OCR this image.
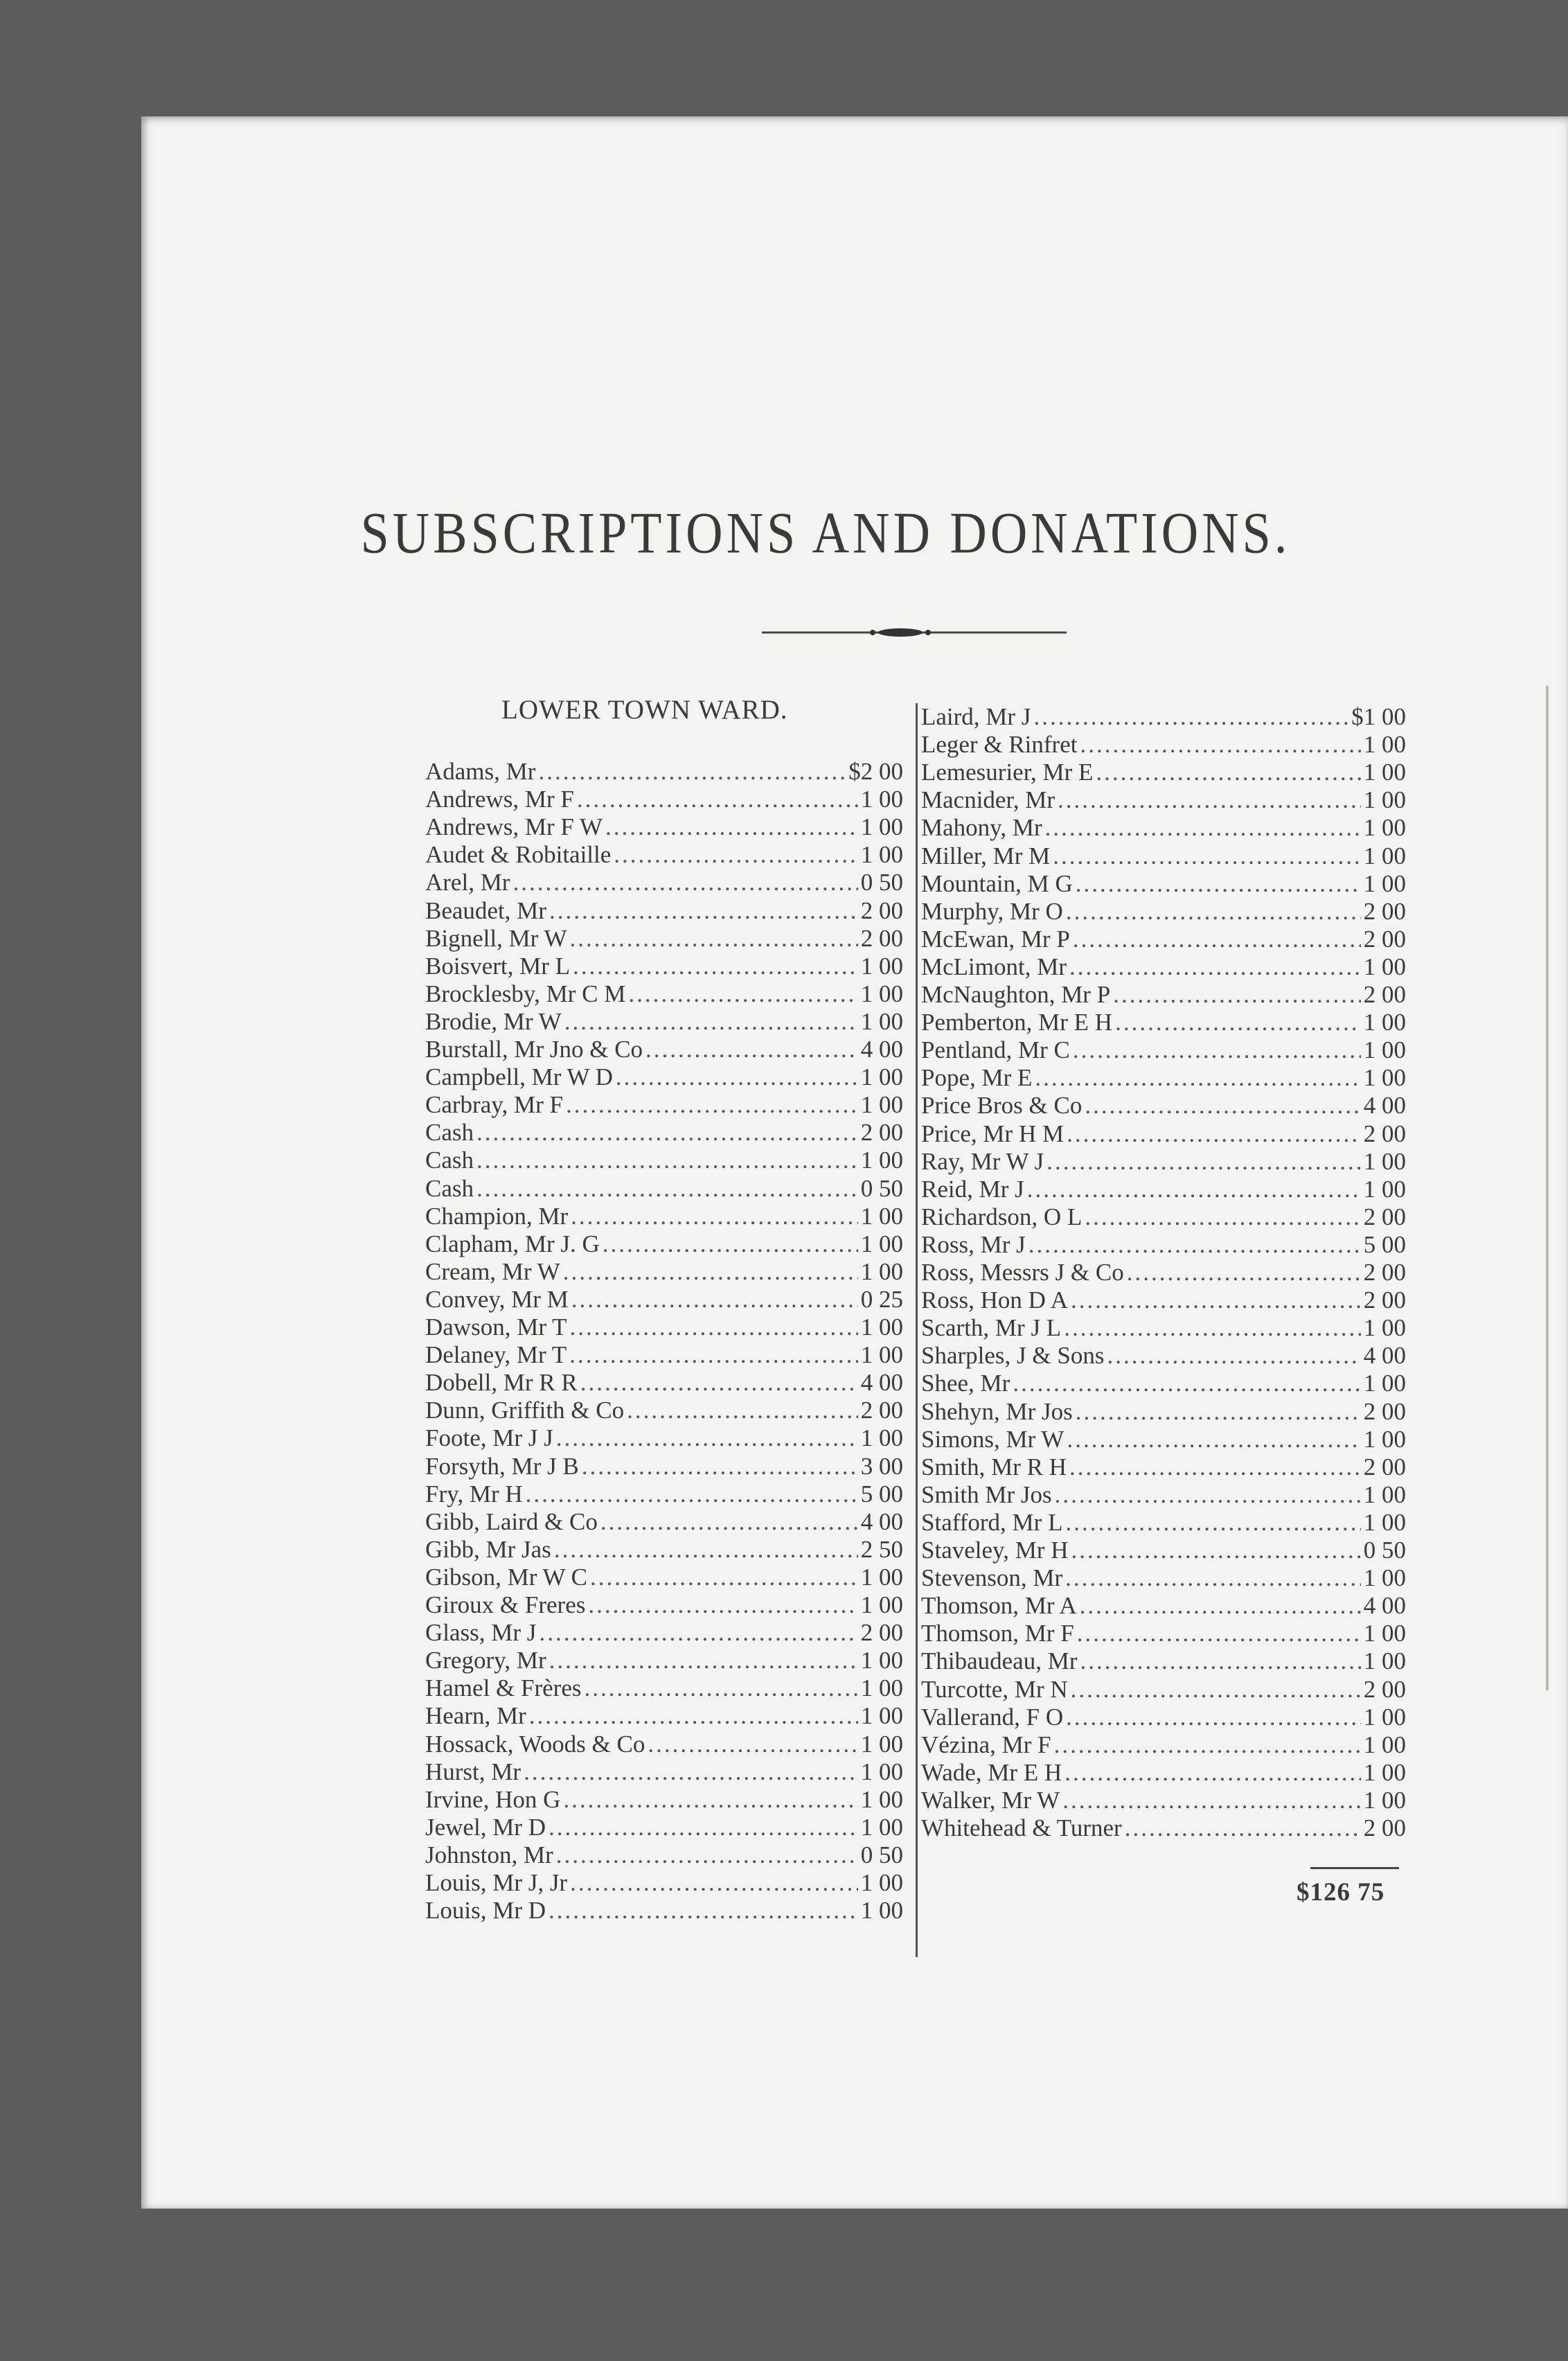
SUBSCRIPTIONS AND DONATIONS.
LOWER TOWN WARD.
Adams, Mr .....	$2 00
Andrews, Mr F .....	1 00
Andrews, Mr F W .....	1 00
Audet & Robitaille .....	1 00
Arel, Mr .....	0 50
Beaudet, Mr .....	2 00
Bignell, Mr W .....	2 00
Boisvert, Mr L .....	1 00
Brocklesby, Mr C M .....	1 00
Brodie, Mr W .....	1 00
Burstall, Mr Jno & Co .....	4 00
Campbell, Mr W D .....	1 00
Carbray, Mr F .....	1 00
Cash .....	2 00
Cash .....	1 00
Cash .....	0 50
Champion, Mr .....	1 00
Clapham, Mr J. G .....	1 00
Cream, Mr W .....	1 00
Convey, Mr M .....	0 25
Dawson, Mr T .....	1 00
Delaney, Mr T .....	1 00
Dobell, Mr R R .....	4 00
Dunn, Griffith & Co .....	2 00
Foote, Mr J J .....	1 00
Forsyth, Mr J B .....	3 00
Fry, Mr H .....	5 00
Gibb, Laird & Co .....	4 00
Gibb, Mr Jas .....	2 50
Gibson, Mr W C .....	1 00
Giroux & Freres .....	1 00
Glass, Mr J .....	2 00
Gregory, Mr .....	1 00
Hamel & Frères .....	1 00
Hearn, Mr .....	1 00
Hossack, Woods & Co .....	1 00
Hurst, Mr .....	1 00
Irvine, Hon G .....	1 00
Jewel, Mr D .....	1 00
Johnston, Mr .....	0 50
Louis, Mr J, Jr .....	1 00
Louis, Mr D .....	1 00
Laird, Mr J .....	$1 00
Leger & Rinfret .....	1 00
Lemesurier, Mr E .....	1 00
Macnider, Mr .....	1 00
Mahony, Mr .....	1 00
Miller, Mr M .....	1 00
Mountain, M G .....	1 00
Murphy, Mr O .....	2 00
McEwan, Mr P .....	2 00
McLimont, Mr .....	1 00
McNaughton, Mr P .....	2 00
Pemberton, Mr E H .....	1 00
Pentland, Mr C .....	1 00
Pope, Mr E .....	1 00
Price Bros & Co .....	4 00
Price, Mr H M .....	2 00
Ray, Mr W J .....	1 00
Reid, Mr J .....	1 00
Richardson, O L .....	2 00
Ross, Mr J .....	5 00
Ross, Messrs J & Co .....	2 00
Ross, Hon D A .....	2 00
Scarth, Mr J L .....	1 00
Sharples, J & Sons .....	4 00
Shee, Mr .....	1 00
Shehyn, Mr Jos .....	2 00
Simons, Mr W .....	1 00
Smith, Mr R H .....	2 00
Smith Mr Jos .....	1 00
Stafford, Mr L .....	1 00
Staveley, Mr H .....	0 50
Stevenson, Mr .....	1 00
Thomson, Mr A .....	4 00
Thomson, Mr F .....	1 00
Thibaudeau, Mr .....	1 00
Turcotte, Mr N .....	2 00
Vallerand, F O .....	1 00
Vézina, Mr F .....	1 00
Wade, Mr E H .....	1 00
Walker, Mr W .....	1 00
Whitehead & Turner .....	2 00
$126 75
